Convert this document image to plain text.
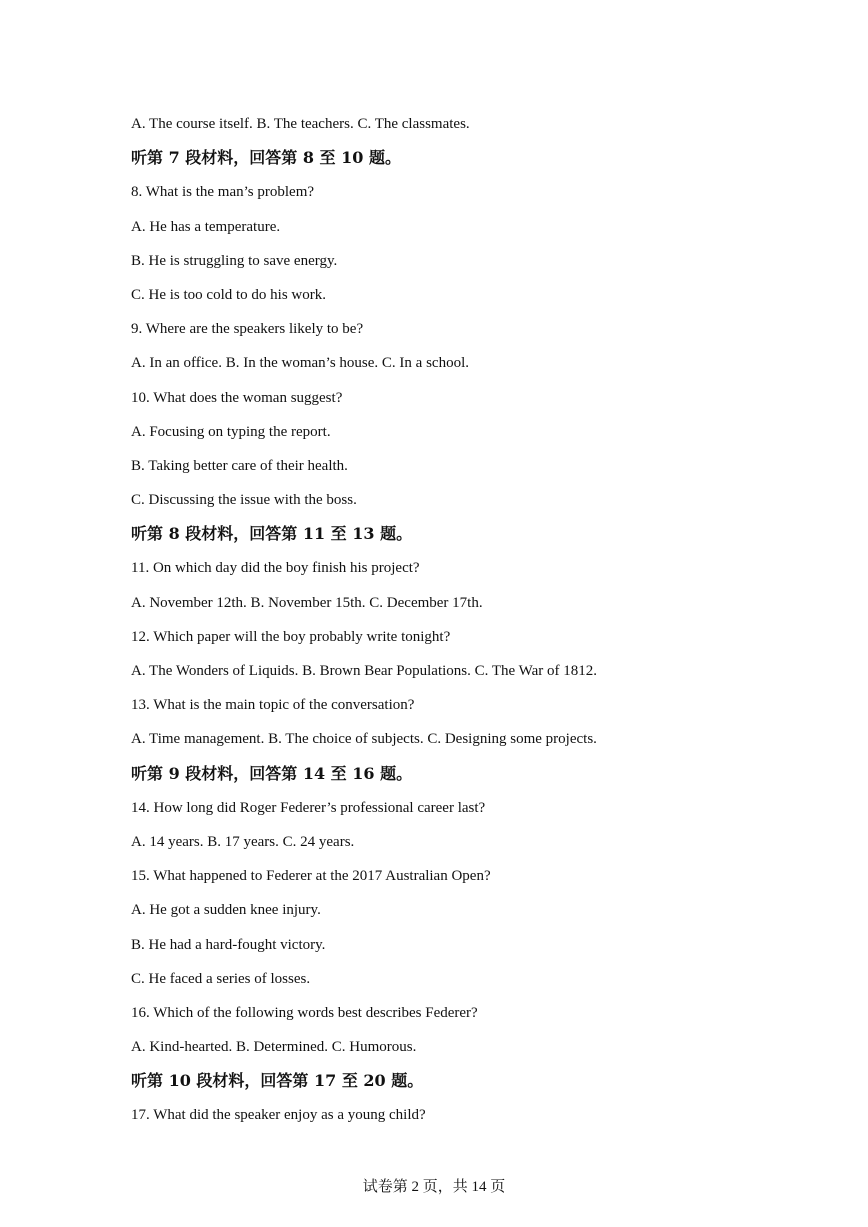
A. The course itself. B. The teachers. C. The classmates.
听第 7 段材料，回答第 8 至 10 题。
8. What is the man’s problem?
A. He has a temperature.
B. He is struggling to save energy.
C. He is too cold to do his work.
9. Where are the speakers likely to be?
A. In an office. B. In the woman’s house. C. In a school.
10. What does the woman suggest?
A. Focusing on typing the report.
B. Taking better care of their health.
C. Discussing the issue with the boss.
听第 8 段材料，回答第 11 至 13 题。
11. On which day did the boy finish his project?
A. November 12th. B. November 15th. C. December 17th.
12. Which paper will the boy probably write tonight?
A. The Wonders of Liquids. B. Brown Bear Populations. C. The War of 1812.
13. What is the main topic of the conversation?
A. Time management. B. The choice of subjects. C. Designing some projects.
听第 9 段材料，回答第 14 至 16 题。
14. How long did Roger Federer’s professional career last?
A. 14 years. B. 17 years. C. 24 years.
15. What happened to Federer at the 2017 Australian Open?
A. He got a sudden knee injury.
B. He had a hard-fought victory.
C. He faced a series of losses.
16. Which of the following words best describes Federer?
A. Kind-hearted. B. Determined. C. Humorous.
听第 10 段材料，回答第 17 至 20 题。
17. What did the speaker enjoy as a young child?
试卷第 2 页，共 14 页
